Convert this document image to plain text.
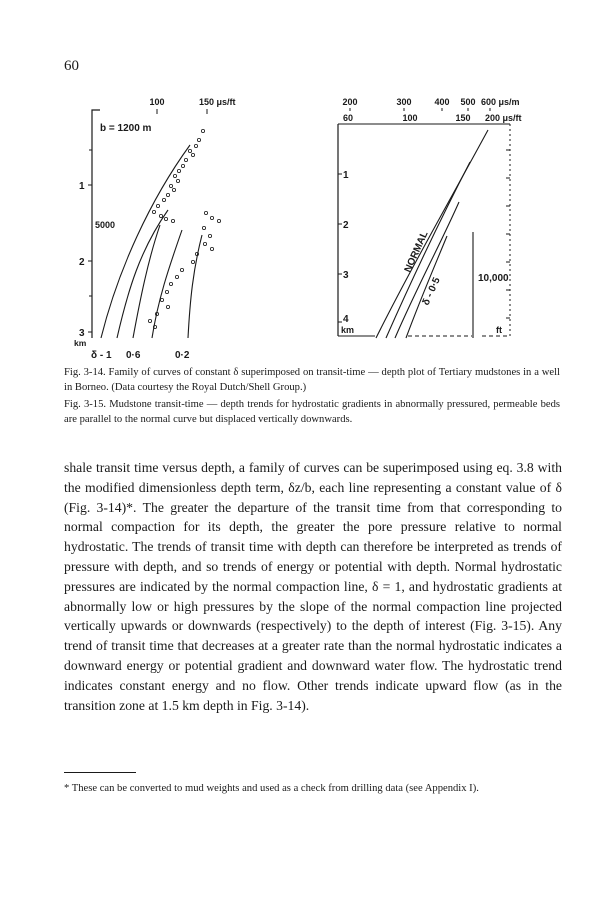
60
100	150 μs/ft
1
2
3
km
b = 1200 m
5000
δ - 1 0·6	0·2
200	300	400 500 600 μs/m
60	100	150 200 μs/ft
1
2
3
4
km
NORMAL
δ - 0·5	10,000
ft
Fig. 3-14. Family of curves of constant δ superimposed on transit-time — depth plot of Tertiary mudstones in a well in Borneo. (Data courtesy the Royal Dutch/Shell Group.)
Fig. 3-15. Mudstone transit-time — depth trends for hydrostatic gradients in abnormally pressured, permeable beds are parallel to the normal curve but displaced vertically downwards.

shale transit time versus depth, a family of curves can be superimposed using eq. 3.8 with the modified dimensionless depth term, δz/b, each line representing a constant value of δ (Fig. 3-14)*. The greater the departure of the transit time from that corresponding to normal compaction for its depth, the greater the pore pressure relative to normal hydrostatic. The trends of transit time with depth can therefore be interpreted as trends of pressure with depth, and so trends of energy or potential with depth. Normal hydrostatic pressures are indicated by the normal compaction line, δ = 1, and hydrostatic gradients at abnormally low or high pressures by the slope of the normal compaction line projected vertically upwards or downwards (respectively) to the depth of interest (Fig. 3-15). Any trend of transit time that decreases at a greater rate than the normal hydrostatic indicates a downward energy or potential gradient and downward water flow. The hydrostatic trend indicates constant energy and no flow. Other trends indicate upward flow (as in the transition zone at 1.5 km depth in Fig. 3-14).

* These can be converted to mud weights and used as a check from drilling data (see Appendix I).
